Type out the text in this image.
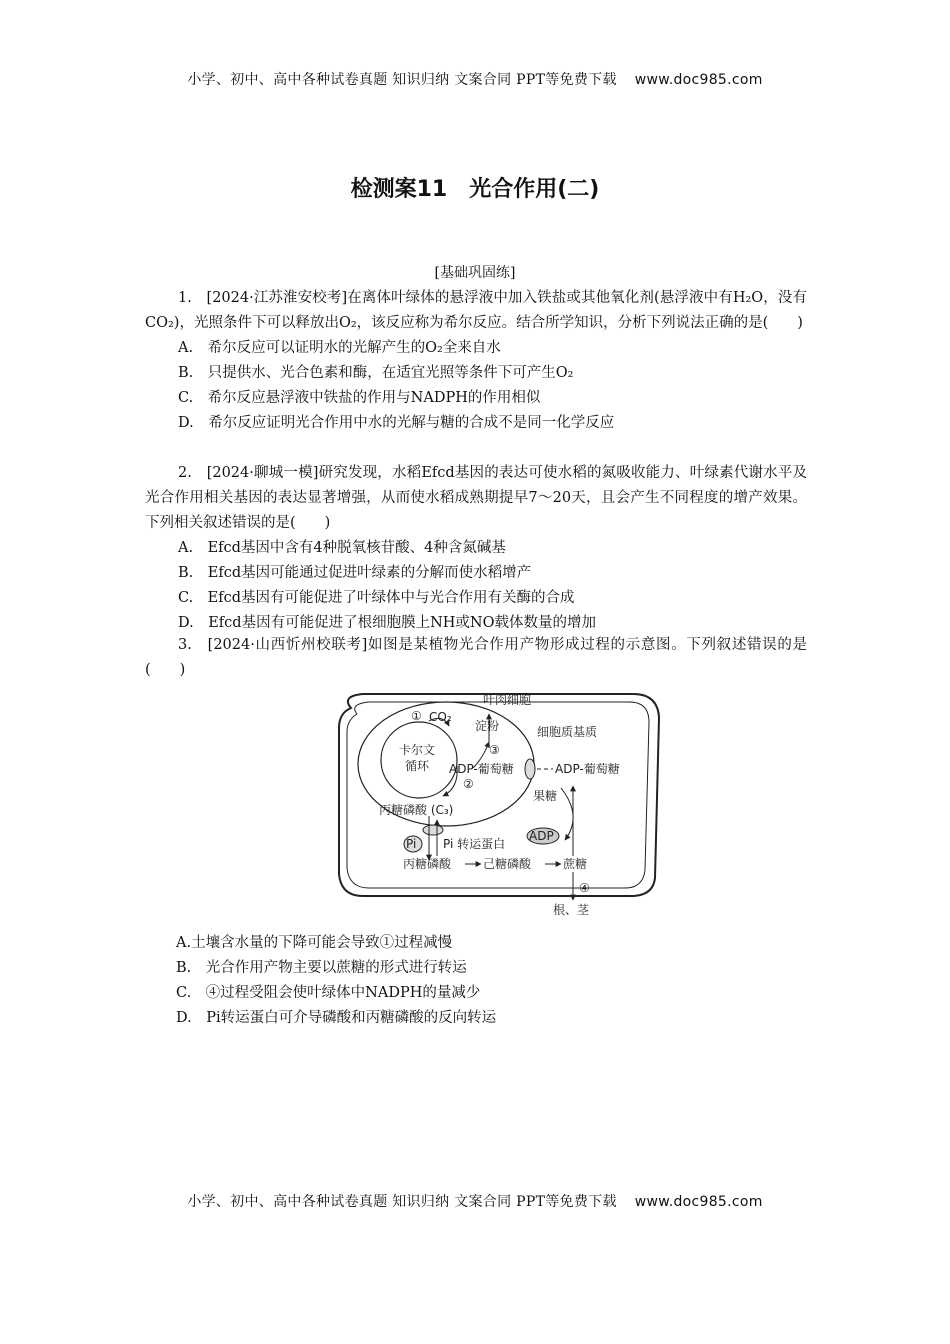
小学、初中、高中各种试卷真题 知识归纳 文案合同 PPT等免费下载 www.doc985.com
检测案11　光合作用(二)
[基础巩固练]

1.　[2024·江苏淮安校考]在离体叶绿体的悬浮液中加入铁盐或其他氧化剂(悬浮液中有H₂O，没有CO₂)，光照条件下可以释放出O₂，该反应称为希尔反应。结合所学知识，分析下列说法正确的是(　　)

A.　希尔反应可以证明水的光解产生的O₂全来自水

B.　只提供水、光合色素和酶，在适宜光照等条件下可产生O₂

C.　希尔反应悬浮液中铁盐的作用与NADPH的作用相似

D.　希尔反应证明光合作用中水的光解与糖的合成不是同一化学反应

2.　[2024·聊城一模]研究发现，水稻Efcd基因的表达可使水稻的氮吸收能力、叶绿素代谢水平及光合作用相关基因的表达显著增强，从而使水稻成熟期提早7～20天，且会产生不同程度的增产效果。下列相关叙述错误的是(　　)

A.　Efcd基因中含有4种脱氧核苷酸、4种含氮碱基

B.　Efcd基因可能通过促进叶绿素的分解而使水稻增产

C.　Efcd基因有可能促进了叶绿体中与光合作用有关酶的合成

D.　Efcd基因有可能促进了根细胞膜上NH或NO载体数量的增加

3.　[2024·山西忻州校联考]如图是某植物光合作用产物形成过程的示意图。下列叙述错误的是(　　)

叶肉细胞
① CO₂
淀粉	细胞质基质
卡尔文
循环
③
ADP-葡萄糖	ADP-葡萄糖
②
丙糖磷酸 (C₃)
果糖
Pi Pi 转运蛋白
ADP
丙糖磷酸	己糖磷酸	蔗糖
④
根、茎

A.土壤含水量的下降可能会导致①过程减慢

B.　光合作用产物主要以蔗糖的形式进行转运

C.　④过程受阻会使叶绿体中NADPH的量减少

D.　Pi转运蛋白可介导磷酸和丙糖磷酸的反向转运

小学、初中、高中各种试卷真题 知识归纳 文案合同 PPT等免费下载 www.doc985.com
